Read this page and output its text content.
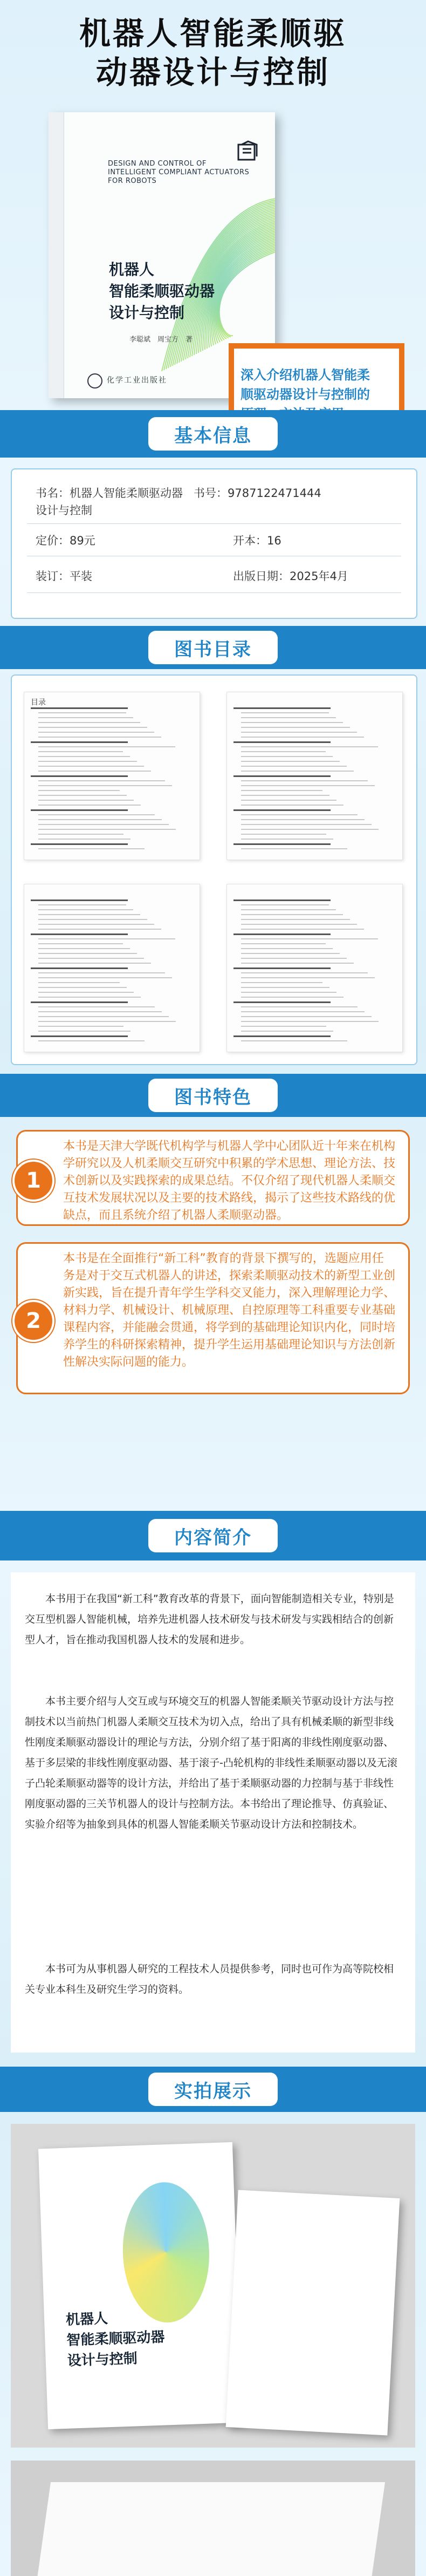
机器人智能柔顺驱
动器设计与控制
DESIGN AND CONTROL OF
INTELLIGENT COMPLIANT ACTUATORS
FOR ROBOTS
机器人
智能柔顺驱动器
设计与控制
李聪斌　周宝方　著
化学工业出版社	深入介绍机器人智能柔
顺驱动器设计与控制的
基本信息
书名：机器人智能柔顺驱动器 书号：9787122471444
设计与控制
定价：89元	开本：16
装订：平装	出版日期：2025年4月
图书目录
目录
图书特色
1
本书是天津大学既代机构学与机器人学中心团队近十年来在机构学研究以及人机柔顺交互研究中积累的学术思想、理论方法、技术创新以及实践探索的成果总结。不仅介绍了现代机器人柔顺交互技术发展状况以及主要的技术路线，揭示了这些技术路线的优缺点，而且系统介绍了机器人柔顺驱动器。
2
本书是在全面推行“新工科”教育的背景下撰写的，选题应用任务是对于交互式机器人的讲述，探索柔顺驱动技术的新型工业创新实践，旨在提升青年学生学科交叉能力，深入理解理论力学、材料力学、机械设计、机械原理、自控原理等工科重要专业基础课程内容，并能融会贯通，将学到的基础理论知识内化，同时培养学生的科研探索精神，提升学生运用基础理论知识与方法创新性解决实际问题的能力。
内容简介

本书用于在我国“新工科”教育改革的背景下，面向智能制造相关专业，特别是交互型机器人智能机械，培养先进机器人技术研发与技术研发与实践相结合的创新型人才，旨在推动我国机器人技术的发展和进步。

本书主要介绍与人交互或与环境交互的机器人智能柔顺关节驱动设计方法与控制技术以当前热门机器人柔顺交互技术为切入点，给出了具有机械柔顺的新型非线性刚度柔顺驱动器设计的理论与方法，分别介绍了基于阳离的非线性刚度驱动器、基于多层梁的非线性刚度驱动器、基于滚子-凸轮机构的非线性柔顺驱动器以及无滚子凸轮柔顺驱动器等的设计方法，并给出了基于柔顺驱动器的力控制与基于非线性刚度驱动器的三关节机器人的设计与控制方法。本书给出了理论推导、仿真验证、实验介绍等为抽象到具体的机器人智能柔顺关节驱动设计方法和控制技术。

本书可为从事机器人研究的工程技术人员提供参考，同时也可作为高等院校相关专业本科生及研究生学习的资料。

实拍展示
机器人
智能柔顺驱动器
设计与控制
